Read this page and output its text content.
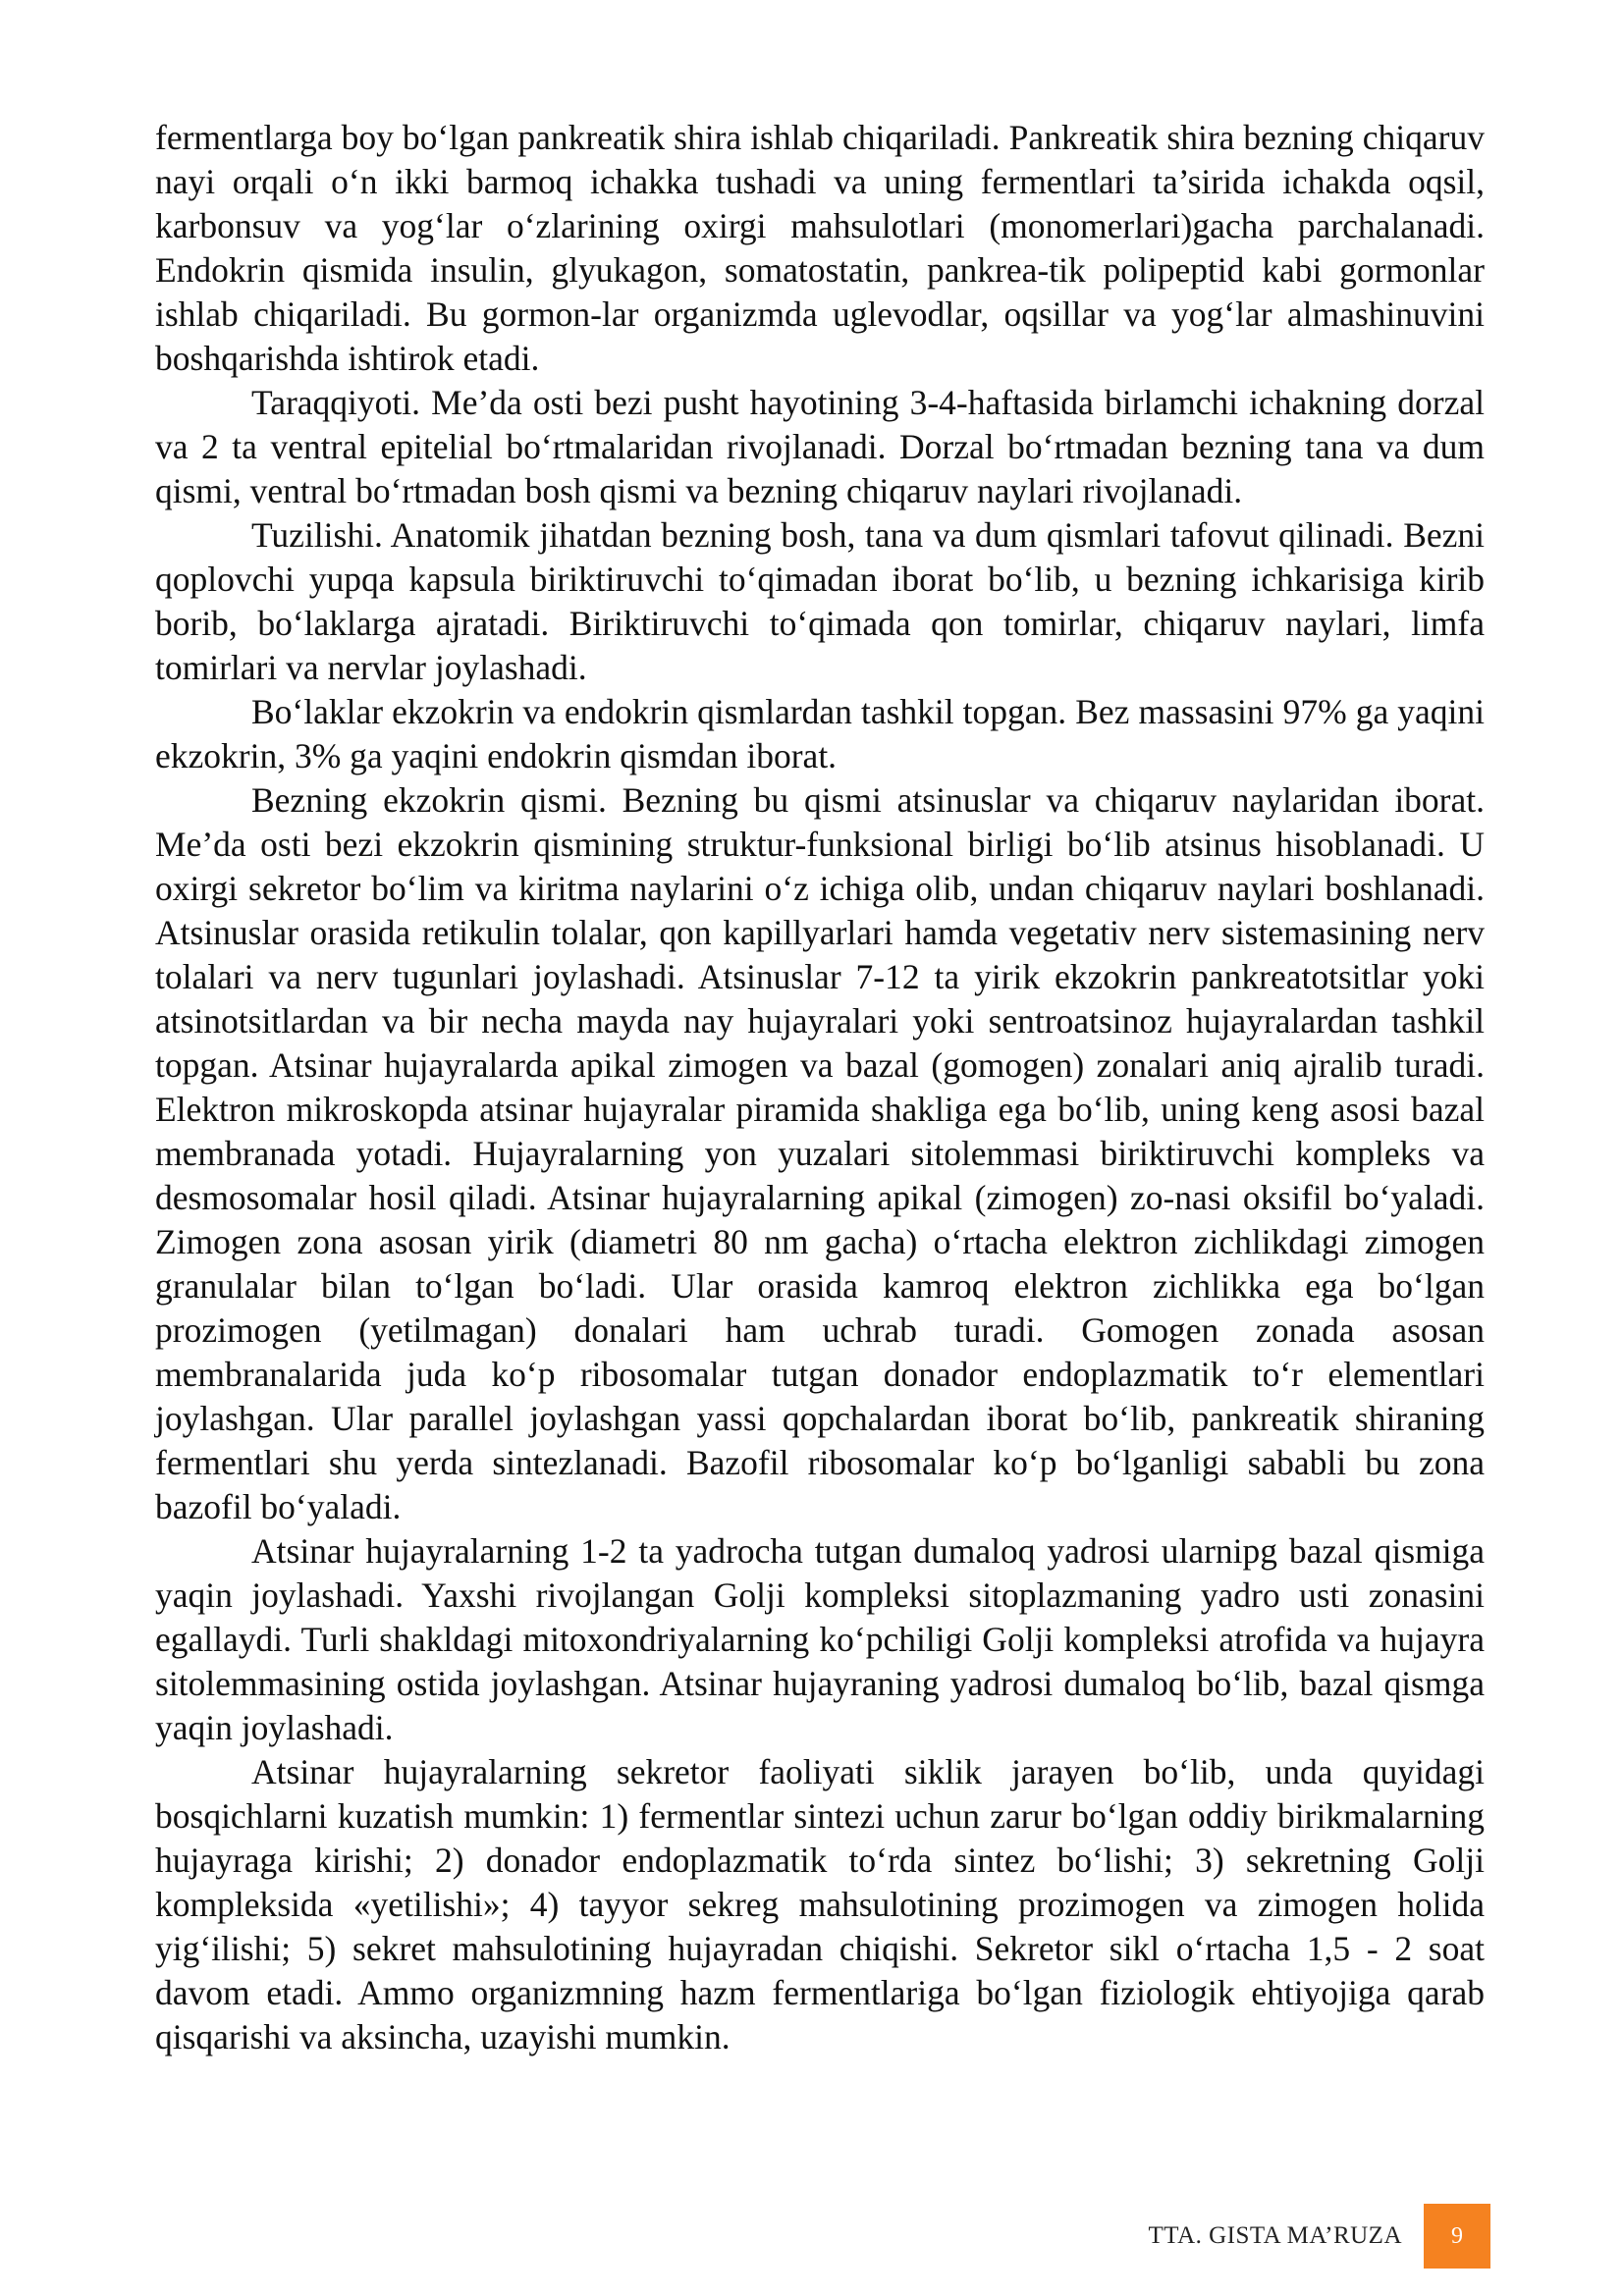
fermentlarga boy bo‘lgan pankreatik shira ishlab chiqariladi. Pankreatik shira bezning chiqaruv nayi orqali o‘n ikki barmoq ichakka tushadi va uning fermentlari ta’sirida ichakda oqsil, karbonsuv va yog‘lar o‘zlarining oxirgi mahsulotlari (monomerlari)gacha parchalanadi. Endokrin qismida insulin, glyukagon, somatostatin, pankrea-tik polipeptid kabi gormonlar ishlab chiqariladi. Bu gormon-lar organizmda uglevodlar, oqsillar va yog‘lar almashinuvini boshqarishda ishtirok etadi.

Taraqqiyoti. Me’da osti bezi pusht hayotining 3-4-haftasida birlamchi ichakning dorzal va 2 ta ventral epitelial bo‘rtmalaridan rivojlanadi. Dorzal bo‘rtmadan bezning tana va dum qismi, ventral bo‘rtmadan bosh qismi va bezning chiqaruv naylari rivojlanadi.

Tuzilishi. Anatomik jihatdan bezning bosh, tana va dum qismlari tafovut qilinadi. Bezni qoplovchi yupqa kapsula biriktiruvchi to‘qimadan iborat bo‘lib, u bezning ichkarisiga kirib borib, bo‘laklarga ajratadi. Biriktiruvchi to‘qimada qon tomirlar, chiqaruv naylari, limfa tomirlari va nervlar joylashadi.

Bo‘laklar ekzokrin va endokrin qismlardan tashkil topgan. Bez massasini 97% ga yaqini ekzokrin, 3% ga yaqini endokrin qismdan iborat.

Bezning ekzokrin qismi. Bezning bu qismi atsinuslar va chiqaruv naylaridan iborat. Me’da osti bezi ekzokrin qismining struktur-funksional birligi bo‘lib atsinus hisoblanadi. U oxirgi sekretor bo‘lim va kiritma naylarini o‘z ichiga olib, undan chiqaruv naylari boshlanadi. Atsinuslar orasida retikulin tolalar, qon kapillyarlari hamda vegetativ nerv sistemasining nerv tolalari va nerv tugunlari joylashadi. Atsinuslar 7-12 ta yirik ekzokrin pankreatotsitlar yoki atsinotsitlardan va bir necha mayda nay hujayralari yoki sentroatsinoz hujayralardan tashkil topgan. Atsinar hujayralarda apikal zimogen va bazal (gomogen) zonalari aniq ajralib turadi. Elektron mikroskopda atsinar hujayralar piramida shakliga ega bo‘lib, uning keng asosi bazal membranada yotadi. Hujayralarning yon yuzalari sitolemmasi biriktiruvchi kompleks va desmosomalar hosil qiladi. Atsinar hujayralarning apikal (zimogen) zo-nasi oksifil bo‘yaladi. Zimogen zona asosan yirik (diametri 80 nm gacha) o‘rtacha elektron zichlikdagi zimogen granulalar bilan to‘lgan bo‘ladi. Ular orasida kamroq elektron zichlikka ega bo‘lgan prozimogen (yetilmagan) donalari ham uchrab turadi. Gomogen zonada asosan membranalarida juda ko‘p ribosomalar tutgan donador endoplazmatik to‘r elementlari joylashgan. Ular parallel joylashgan yassi qopchalardan iborat bo‘lib, pankreatik shiraning fermentlari shu yerda sintezlanadi. Bazofil ribosomalar ko‘p bo‘lganligi sababli bu zona bazofil bo‘yaladi.

Atsinar hujayralarning 1-2 ta yadrocha tutgan dumaloq yadrosi ularnipg bazal qismiga yaqin joylashadi. Yaxshi rivojlangan Golji kompleksi sitoplazmaning yadro usti zonasini egallaydi. Turli shakldagi mitoxondriyalarning ko‘pchiligi Golji kompleksi atrofida va hujayra sitolemmasining ostida joylashgan. Atsinar hujayraning yadrosi dumaloq bo‘lib, bazal qismga yaqin joylashadi.

Atsinar hujayralarning sekretor faoliyati siklik jarayen bo‘lib, unda quyidagi bosqichlarni kuzatish mumkin: 1) fermentlar sintezi uchun zarur bo‘lgan oddiy birikmalarning hujayraga kirishi; 2) donador endoplazmatik to‘rda sintez bo‘lishi; 3) sekretning Golji kompleksida «yetilishi»; 4) tayyor sekreg mahsulotining prozimogen va zimogen holida yig‘ilishi; 5) sekret mahsulotining hujayradan chiqishi. Sekretor sikl o‘rtacha 1,5 - 2 soat davom etadi. Ammo organizmning hazm fermentlariga bo‘lgan fiziologik ehtiyojiga qarab qisqarishi va aksincha, uzayishi mumkin.

TTA. GISTA MA’RUZA	9
